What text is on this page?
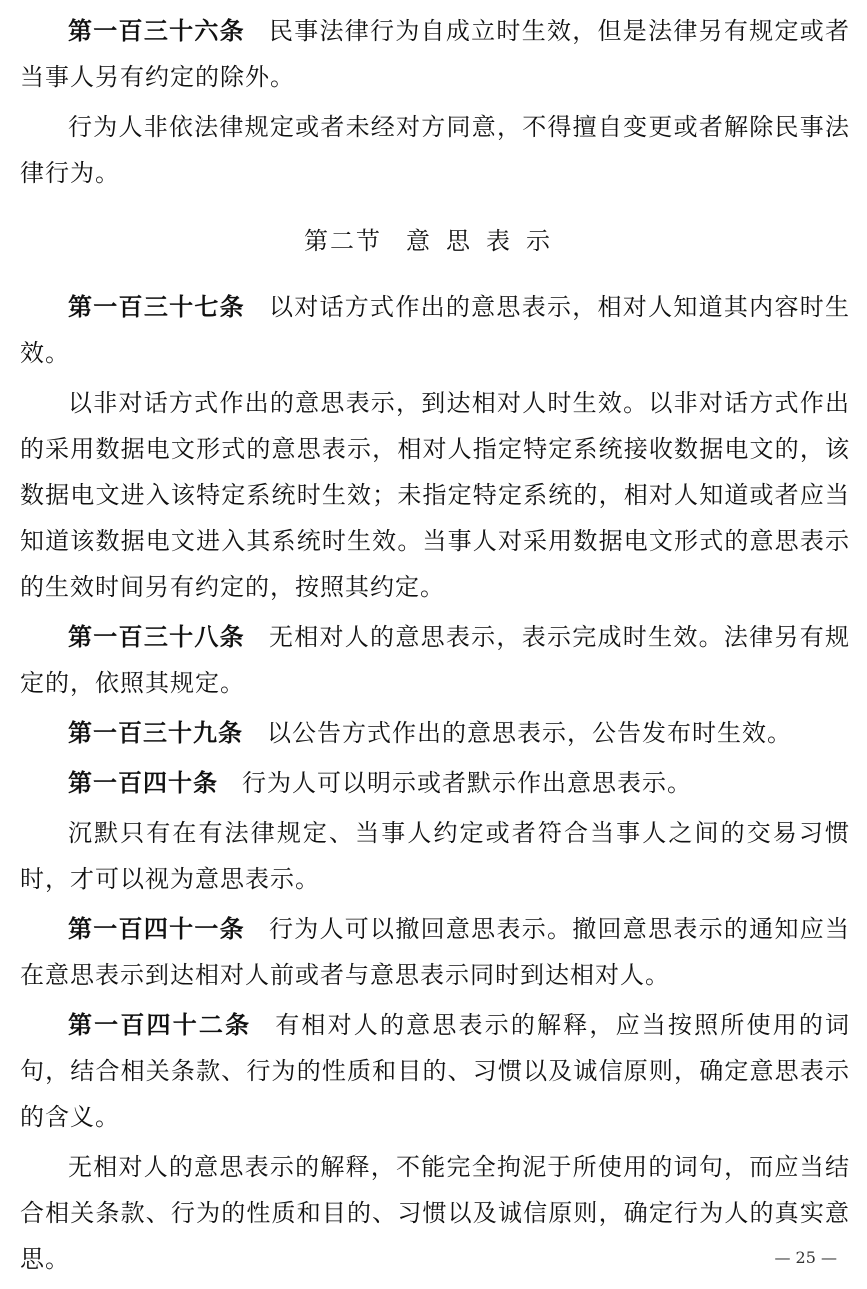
第一百三十六条 民事法律行为自成立时生效，但是法律另有规定或者当事人另有约定的除外。

行为人非依法律规定或者未经对方同意，不得擅自变更或者解除民事法律行为。

第二节 意思表示

第一百三十七条 以对话方式作出的意思表示，相对人知道其内容时生效。

以非对话方式作出的意思表示，到达相对人时生效。以非对话方式作出的采用数据电文形式的意思表示，相对人指定特定系统接收数据电文的，该数据电文进入该特定系统时生效；未指定特定系统的，相对人知道或者应当知道该数据电文进入其系统时生效。当事人对采用数据电文形式的意思表示的生效时间另有约定的，按照其约定。

第一百三十八条 无相对人的意思表示，表示完成时生效。法律另有规定的，依照其规定。

第一百三十九条 以公告方式作出的意思表示，公告发布时生效。

第一百四十条 行为人可以明示或者默示作出意思表示。

沉默只有在有法律规定、当事人约定或者符合当事人之间的交易习惯时，才可以视为意思表示。

第一百四十一条 行为人可以撤回意思表示。撤回意思表示的通知应当在意思表示到达相对人前或者与意思表示同时到达相对人。

第一百四十二条 有相对人的意思表示的解释，应当按照所使用的词句，结合相关条款、行为的性质和目的、习惯以及诚信原则，确定意思表示的含义。

无相对人的意思表示的解释，不能完全拘泥于所使用的词句，而应当结合相关条款、行为的性质和目的、习惯以及诚信原则，确定行为人的真实意思。	— 25 —
